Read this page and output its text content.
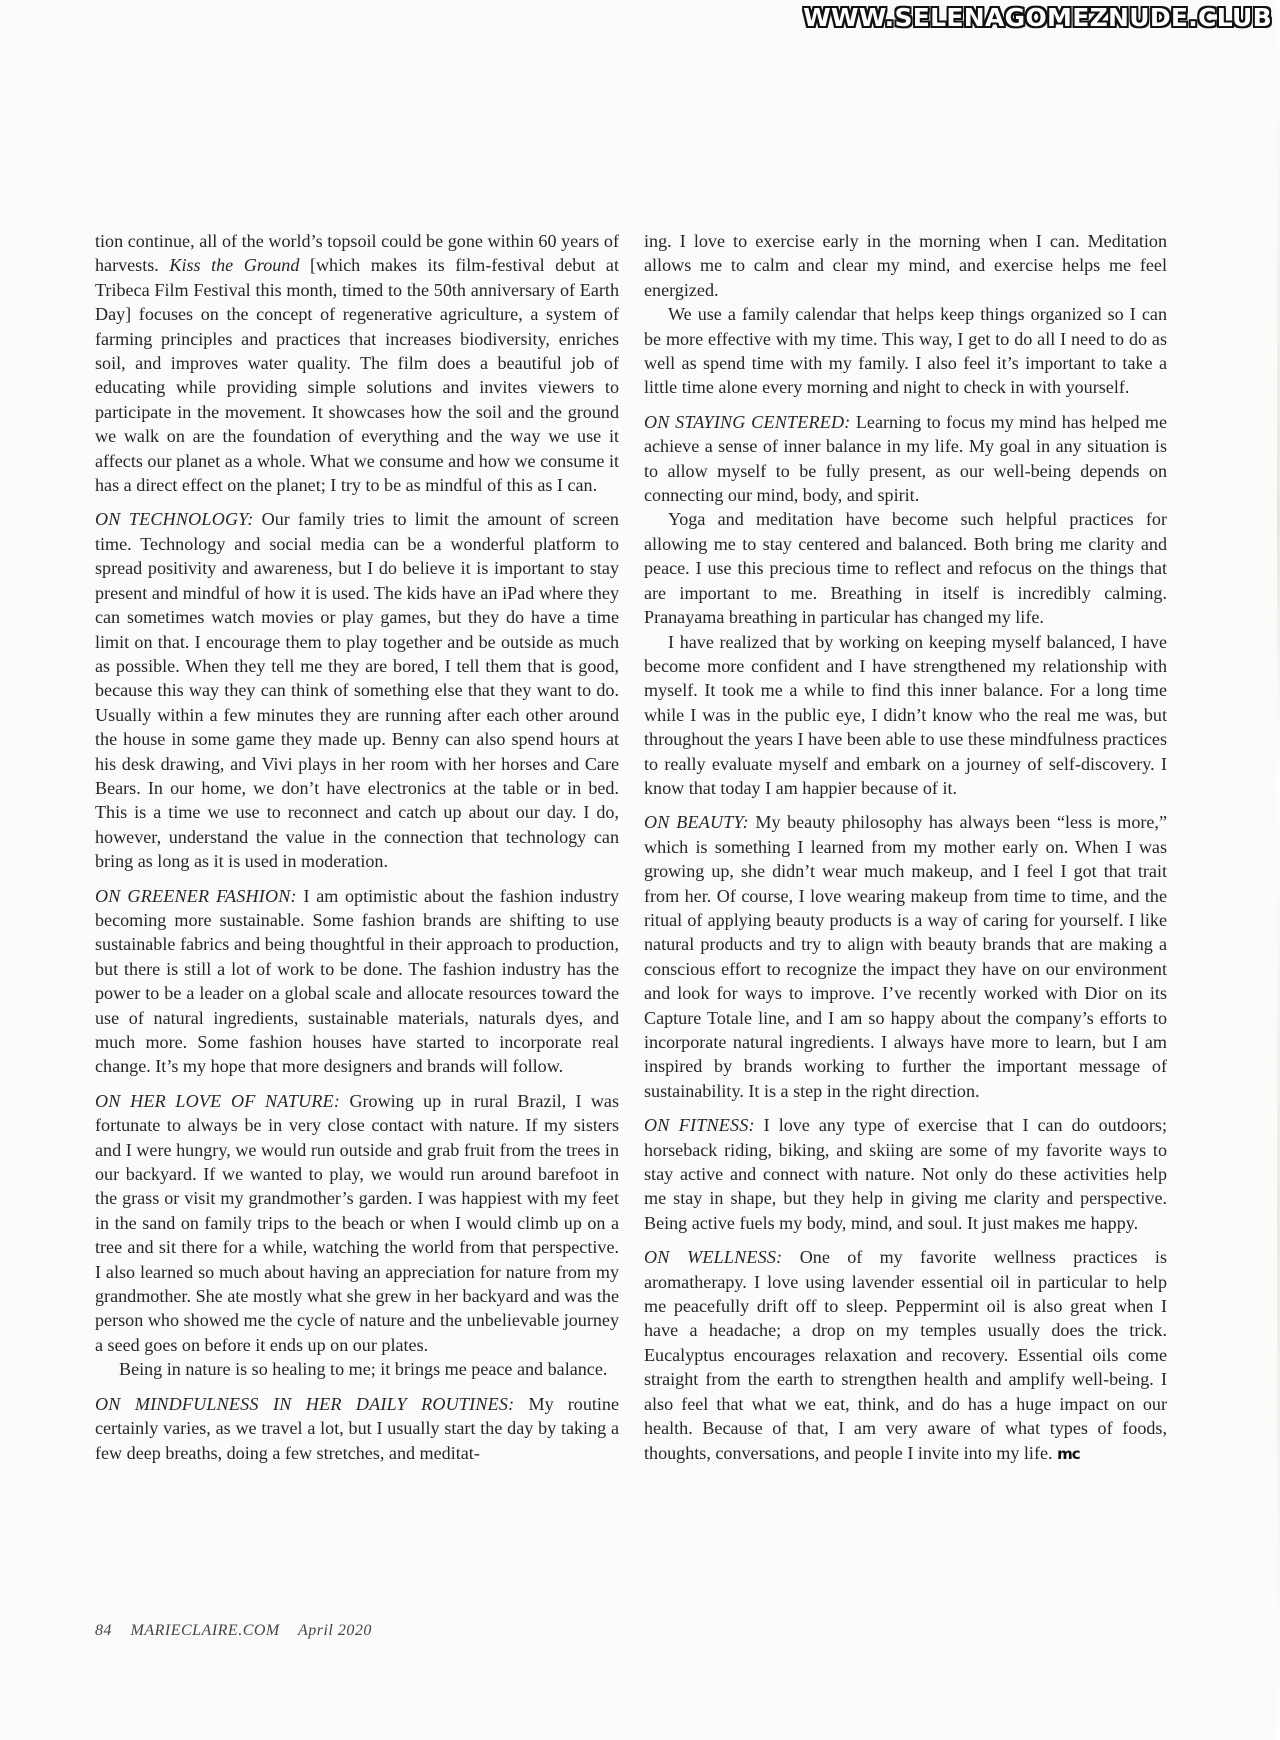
WWW.SELENAGOMEZNUDE.CLUB

tion continue, all of the world’s topsoil could be gone within 60 years of harvests. Kiss the Ground [which makes its film-festival debut at Tribeca Film Festival this month, timed to the 50th anniversary of Earth Day] focuses on the concept of regenerative agriculture, a system of farming principles and practices that increases biodiversity, enriches soil, and improves water quality. The film does a beautiful job of educating while providing simple solutions and invites viewers to participate in the movement. It showcases how the soil and the ground we walk on are the foundation of everything and the way we use it affects our planet as a whole. What we consume and how we consume it has a direct effect on the planet; I try to be as mindful of this as I can.

ON TECHNOLOGY: Our family tries to limit the amount of screen time. Technology and social media can be a wonderful platform to spread positivity and awareness, but I do believe it is important to stay present and mindful of how it is used. The kids have an iPad where they can sometimes watch movies or play games, but they do have a time limit on that. I encourage them to play together and be outside as much as possible. When they tell me they are bored, I tell them that is good, because this way they can think of something else that they want to do. Usually within a few minutes they are running after each other around the house in some game they made up. Benny can also spend hours at his desk drawing, and Vivi plays in her room with her horses and Care Bears. In our home, we don’t have electronics at the table or in bed. This is a time we use to reconnect and catch up about our day. I do, however, understand the value in the connection that technology can bring as long as it is used in moderation.

ON GREENER FASHION: I am optimistic about the fashion industry becoming more sustainable. Some fashion brands are shifting to use sustainable fabrics and being thoughtful in their approach to production, but there is still a lot of work to be done. The fashion industry has the power to be a leader on a global scale and allocate resources toward the use of natural ingredients, sustainable materials, naturals dyes, and much more. Some fashion houses have started to incorporate real change. It’s my hope that more designers and brands will follow.

ON HER LOVE OF NATURE: Growing up in rural Brazil, I was fortunate to always be in very close contact with nature. If my sisters and I were hungry, we would run outside and grab fruit from the trees in our backyard. If we wanted to play, we would run around barefoot in the grass or visit my grandmother’s garden. I was happiest with my feet in the sand on family trips to the beach or when I would climb up on a tree and sit there for a while, watching the world from that perspective. I also learned so much about having an appreciation for nature from my grandmother. She ate mostly what she grew in her backyard and was the person who showed me the cycle of nature and the unbelievable journey a seed goes on before it ends up on our plates.

Being in nature is so healing to me; it brings me peace and balance.

ON MINDFULNESS IN HER DAILY ROUTINES: My routine certainly varies, as we travel a lot, but I usually start the day by taking a few deep breaths, doing a few stretches, and meditat-

ing. I love to exercise early in the morning when I can. Meditation allows me to calm and clear my mind, and exercise helps me feel energized.

We use a family calendar that helps keep things organized so I can be more effective with my time. This way, I get to do all I need to do as well as spend time with my family. I also feel it’s important to take a little time alone every morning and night to check in with yourself.

ON STAYING CENTERED: Learning to focus my mind has helped me achieve a sense of inner balance in my life. My goal in any situation is to allow myself to be fully present, as our well-being depends on connecting our mind, body, and spirit.

Yoga and meditation have become such helpful practices for allowing me to stay centered and balanced. Both bring me clarity and peace. I use this precious time to reflect and refocus on the things that are important to me. Breathing in itself is incredibly calming. Pranayama breathing in particular has changed my life.

I have realized that by working on keeping myself balanced, I have become more confident and I have strengthened my relationship with myself. It took me a while to find this inner balance. For a long time while I was in the public eye, I didn’t know who the real me was, but throughout the years I have been able to use these mindfulness practices to really evaluate myself and embark on a journey of self-discovery. I know that today I am happier because of it.

ON BEAUTY: My beauty philosophy has always been “less is more,” which is something I learned from my mother early on. When I was growing up, she didn’t wear much makeup, and I feel I got that trait from her. Of course, I love wearing makeup from time to time, and the ritual of applying beauty products is a way of caring for yourself. I like natural products and try to align with beauty brands that are making a conscious effort to recognize the impact they have on our environment and look for ways to improve. I’ve recently worked with Dior on its Capture Totale line, and I am so happy about the company’s efforts to incorporate natural ingredients. I always have more to learn, but I am inspired by brands working to further the important message of sustainability. It is a step in the right direction.

ON FITNESS: I love any type of exercise that I can do outdoors; horseback riding, biking, and skiing are some of my favorite ways to stay active and connect with nature. Not only do these activities help me stay in shape, but they help in giving me clarity and perspective. Being active fuels my body, mind, and soul. It just makes me happy.

ON WELLNESS: One of my favorite wellness practices is aromatherapy. I love using lavender essential oil in particular to help me peacefully drift off to sleep. Peppermint oil is also great when I have a headache; a drop on my temples usually does the trick. Eucalyptus encourages relaxation and recovery. Essential oils come straight from the earth to strengthen health and amplify well-being. I also feel that what we eat, think, and do has a huge impact on our health. Because of that, I am very aware of what types of foods, thoughts, conversations, and people I invite into my life. mc

84 MARIECLAIRE.COM April 2020
